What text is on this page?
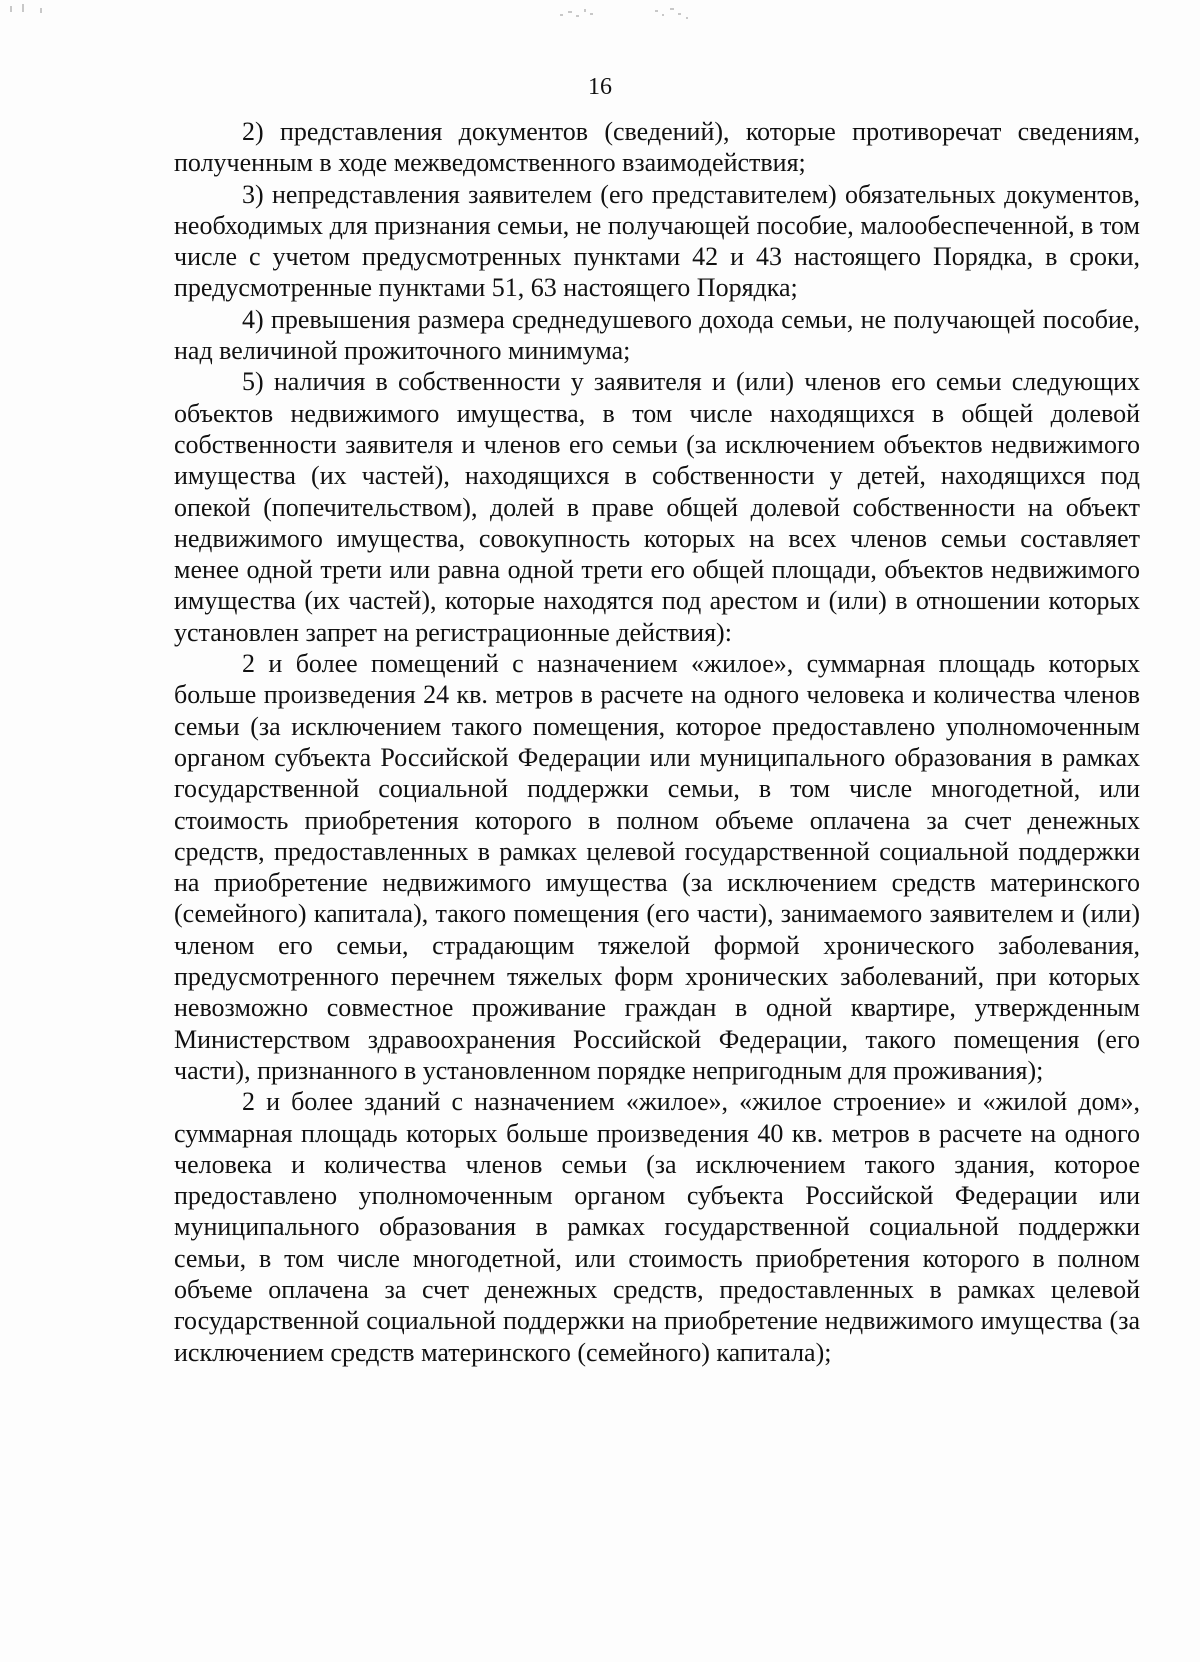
16

2) представления документов (сведений), которые противоречат сведениям, полученным в ходе межведомственного взаимодействия;

3) непредставления заявителем (его представителем) обязательных документов, необходимых для признания семьи, не получающей пособие, малообеспеченной, в том числе с учетом предусмотренных пунктами 42 и 43 настоящего Порядка, в сроки, предусмотренные пунктами 51, 63 настоящего Порядка;

4) превышения размера среднедушевого дохода семьи, не получающей пособие, над величиной прожиточного минимума;

5) наличия в собственности у заявителя и (или) членов его семьи следующих объектов недвижимого имущества, в том числе находящихся в общей долевой собственности заявителя и членов его семьи (за исключением объектов недвижимого имущества (их частей), находящихся в собственности у детей, находящихся под опекой (попечительством), долей в праве общей долевой собственности на объект недвижимого имущества, совокупность которых на всех членов семьи составляет менее одной трети или равна одной трети его общей площади, объектов недвижимого имущества (их частей), которые находятся под арестом и (или) в отношении которых установлен запрет на регистрационные действия):

2 и более помещений с назначением «жилое», суммарная площадь которых больше произведения 24 кв. метров в расчете на одного человека и количества членов семьи (за исключением такого помещения, которое предоставлено уполномоченным органом субъекта Российской Федерации или муниципального образования в рамках государственной социальной поддержки семьи, в том числе многодетной, или стоимость приобретения которого в полном объеме оплачена за счет денежных средств, предоставленных в рамках целевой государственной социальной поддержки на приобретение недвижимого имущества (за исключением средств материнского (семейного) капитала), такого помещения (его части), занимаемого заявителем и (или) членом его семьи, страдающим тяжелой формой хронического заболевания, предусмотренного перечнем тяжелых форм хронических заболеваний, при которых невозможно совместное проживание граждан в одной квартире, утвержденным Министерством здравоохранения Российской Федерации, такого помещения (его части), признанного в установленном порядке непригодным для проживания);

2 и более зданий с назначением «жилое», «жилое строение» и «жилой дом», суммарная площадь которых больше произведения 40 кв. метров в расчете на одного человека и количества членов семьи (за исключением такого здания, которое предоставлено уполномоченным органом субъекта Российской Федерации или муниципального образования в рамках государственной социальной поддержки семьи, в том числе многодетной, или стоимость приобретения которого в полном объеме оплачена за счет денежных средств, предоставленных в рамках целевой государственной социальной поддержки на приобретение недвижимого имущества (за исключением средств материнского (семейного) капитала);
